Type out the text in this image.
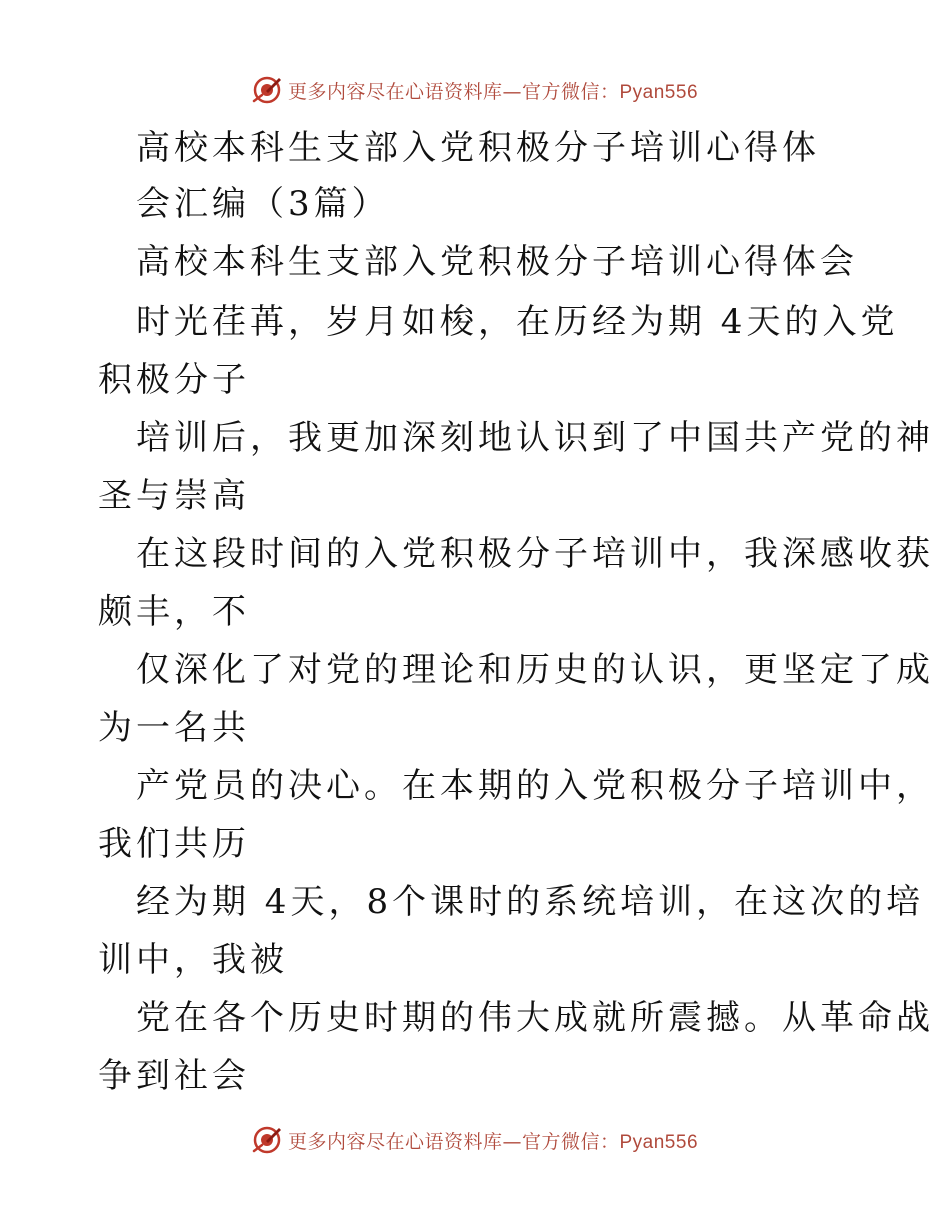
更多内容尽在心语资料库—官方微信：Pyan556
高校本科生支部入党积极分子培训心得体
会汇编（3篇）
高校本科生支部入党积极分子培训心得体会
时光荏苒，岁月如梭，在历经为期 4天的入党
积极分子
培训后，我更加深刻地认识到了中国共产党的神
圣与崇高
在这段时间的入党积极分子培训中，我深感收获
颇丰，不
仅深化了对党的理论和历史的认识，更坚定了成
为一名共
产党员的决心。在本期的入党积极分子培训中，
我们共历
经为期 4天，8个课时的系统培训，在这次的培
训中，我被
党在各个历史时期的伟大成就所震撼。从革命战
争到社会
更多内容尽在心语资料库—官方微信：Pyan556
